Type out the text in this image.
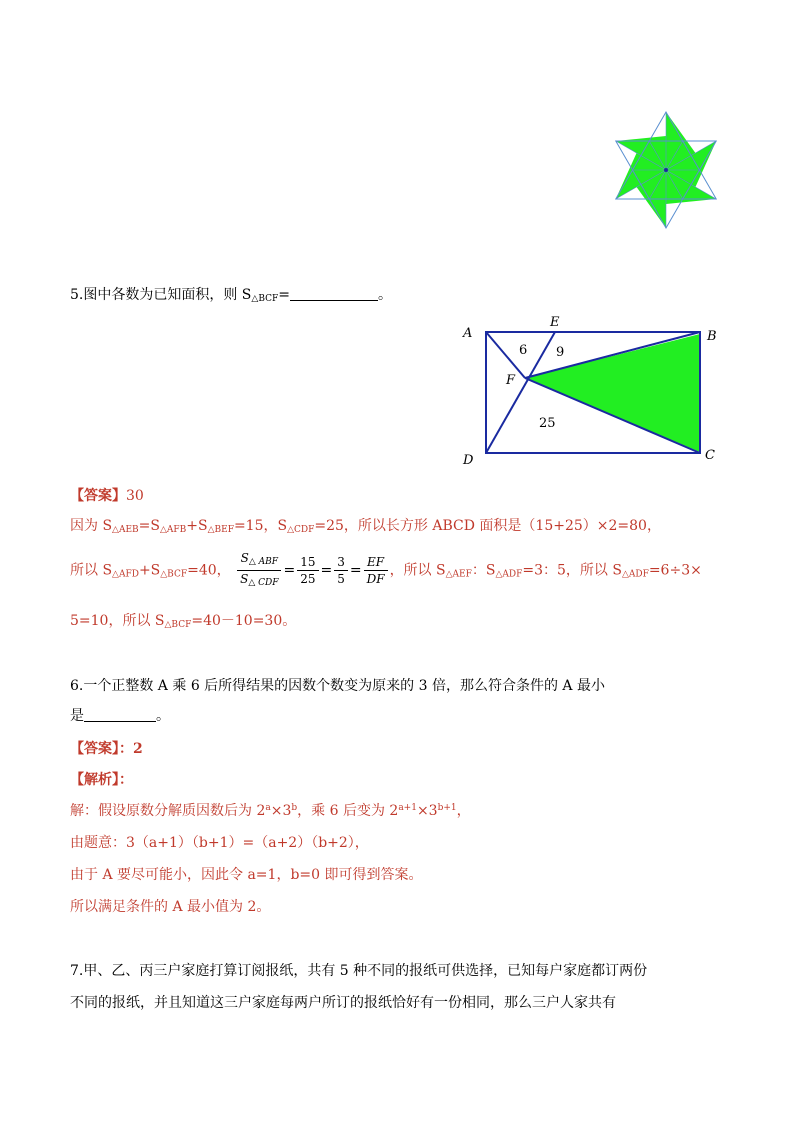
5.图中各数为已知面积，则 $S_{\triangle BCF}=$	。
A
E
B
F
D	C
6 9
25
【答案】30
因为 $S_{\triangle AEB}=S_{\triangle AFB}+S_{\triangle BEF}=15$，$S_{\triangle CDF}=25$，所以长方形 ABCD 面积是（15+25）×2=80，
所以 $S_{\triangle AFD}+S_{\triangle BCF}=40$， $\frac{S_{\triangle ABF}}{S_{\triangle CDF}} = \frac{15}{25} = \frac{3}{5} = \frac{EF}{DF}$ ，所以 $S_{\triangle AEF}$：$S_{\triangle ADF}=3$：5，所以 $S_{\triangle ADF}=6\div 3\times$
5=10，所以 $S_{\triangle BCF}=40-10=30$。
6.一个正整数 A 乘 6 后所得结果的因数个数变为原来的 3 倍，那么符合条件的 A 最小
是	。
【答案】：2
【解析】：
解：假设原数分解质因数后为 $2^a\times 3^b$，乘 6 后变为 $2^{a+1}\times 3^{b+1}$，
由题意：3（a+1）（b+1）=（a+2）（b+2），
由于 A 要尽可能小，因此令 a=1，b=0 即可得到答案。
所以满足条件的 A 最小值为 2。
7.甲、乙、丙三户家庭打算订阅报纸，共有 5 种不同的报纸可供选择，已知每户家庭都订两份
不同的报纸，并且知道这三户家庭每两户所订的报纸恰好有一份相同，那么三户人家共有
